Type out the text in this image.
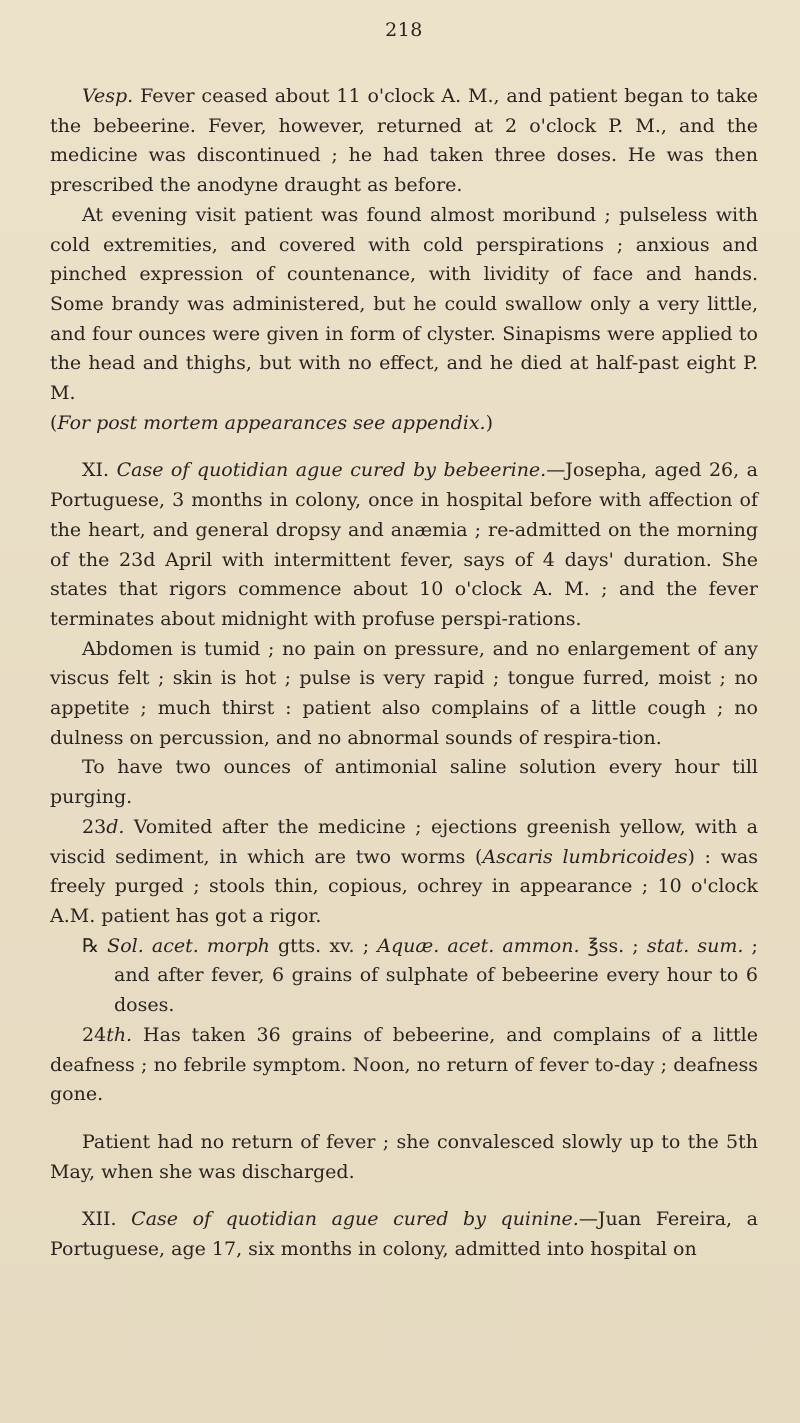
218

Vesp. Fever ceased about 11 o'clock A. M., and patient began to take the bebeerine. Fever, however, returned at 2 o'clock P. M., and the medicine was discontinued ; he had taken three doses. He was then prescribed the anodyne draught as before.

At evening visit patient was found almost moribund ; pulseless with cold extremities, and covered with cold perspirations ; anxious and pinched expression of countenance, with lividity of face and hands. Some brandy was administered, but he could swallow only a very little, and four ounces were given in form of clyster. Sinapisms were applied to the head and thighs, but with no effect, and he died at half-past eight P. M.

(For post mortem appearances see appendix.)

XI. Case of quotidian ague cured by bebeerine.—Josepha, aged 26, a Portuguese, 3 months in colony, once in hospital before with affection of the heart, and general dropsy and anæmia ; re-admitted on the morning of the 23d April with intermittent fever, says of 4 days' duration. She states that rigors commence about 10 o'clock A. M. ; and the fever terminates about midnight with profuse perspi-rations.

Abdomen is tumid ; no pain on pressure, and no enlargement of any viscus felt ; skin is hot ; pulse is very rapid ; tongue furred, moist ; no appetite ; much thirst : patient also complains of a little cough ; no dulness on percussion, and no abnormal sounds of respira-tion.

To have two ounces of antimonial saline solution every hour till purging.

23d. Vomited after the medicine ; ejections greenish yellow, with a viscid sediment, in which are two worms (Ascaris lumbricoides) : was freely purged ; stools thin, copious, ochrey in appearance ; 10 o'clock A.M. patient has got a rigor.

℞ Sol. acet. morph gtts. xv. ; Aquæ. acet. ammon. ℥ss. ; stat. sum. ; and after fever, 6 grains of sulphate of bebeerine every hour to 6 doses.

24th. Has taken 36 grains of bebeerine, and complains of a little deafness ; no febrile symptom. Noon, no return of fever to-day ; deafness gone.

Patient had no return of fever ; she convalesced slowly up to the 5th May, when she was discharged.

XII. Case of quotidian ague cured by quinine.—Juan Fereira, a Portuguese, age 17, six months in colony, admitted into hospital on
